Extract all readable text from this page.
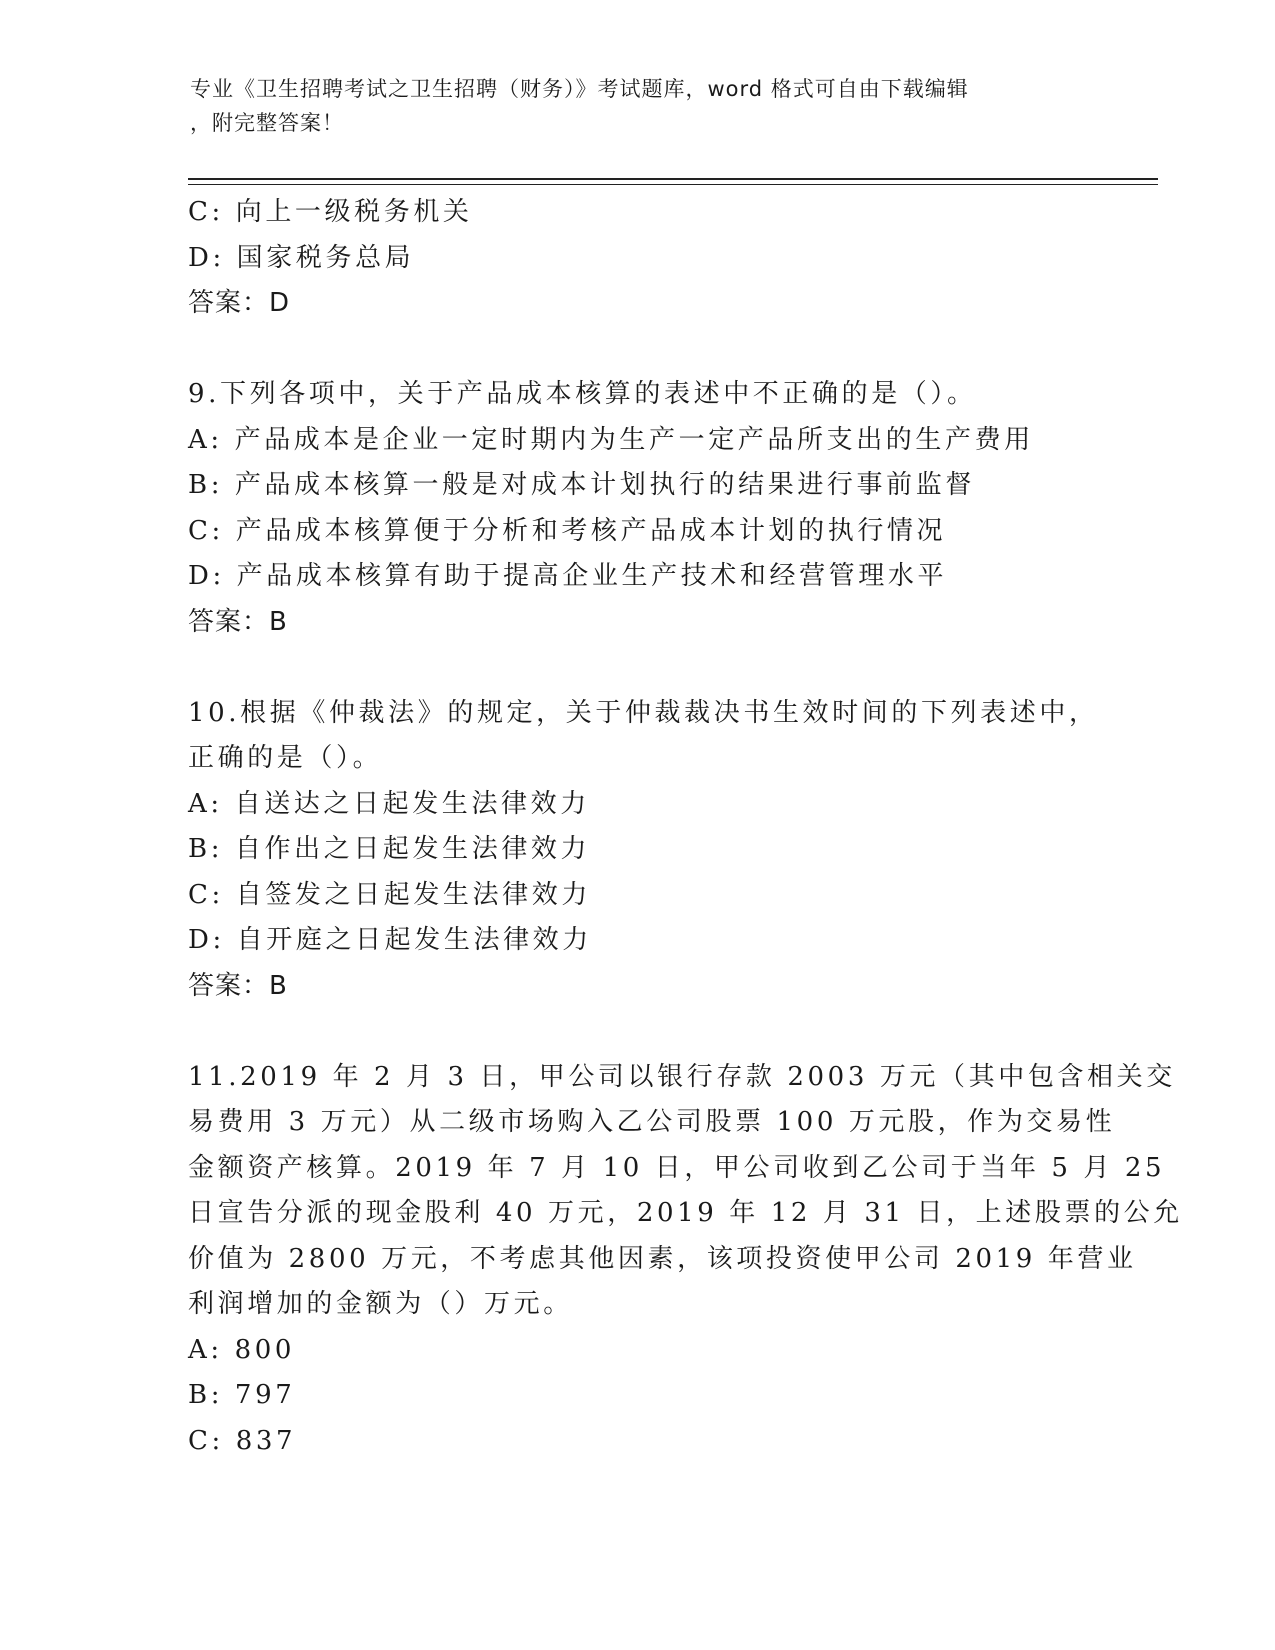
专业《卫生招聘考试之卫生招聘（财务）》考试题库，word 格式可自由下载编辑
，附完整答案！
C: 向上一级税务机关
D: 国家税务总局
答案：D
9.下列各项中，关于产品成本核算的表述中不正确的是（）。
A: 产品成本是企业一定时期内为生产一定产品所支出的生产费用
B: 产品成本核算一般是对成本计划执行的结果进行事前监督
C: 产品成本核算便于分析和考核产品成本计划的执行情况
D: 产品成本核算有助于提高企业生产技术和经营管理水平
答案：B
10.根据《仲裁法》的规定，关于仲裁裁决书生效时间的下列表述中，
正确的是（）。
A: 自送达之日起发生法律效力
B: 自作出之日起发生法律效力
C: 自签发之日起发生法律效力
D: 自开庭之日起发生法律效力
答案：B
11.2019 年 2 月 3 日，甲公司以银行存款 2003 万元（其中包含相关交
易费用 3 万元）从二级市场购入乙公司股票 100 万元股，作为交易性
金额资产核算。2019 年 7 月 10 日，甲公司收到乙公司于当年 5 月 25
日宣告分派的现金股利 40 万元，2019 年 12 月 31 日，上述股票的公允
价值为 2800 万元，不考虑其他因素，该项投资使甲公司 2019 年营业
利润增加的金额为（）万元。
A: 800
B: 797
C: 837
